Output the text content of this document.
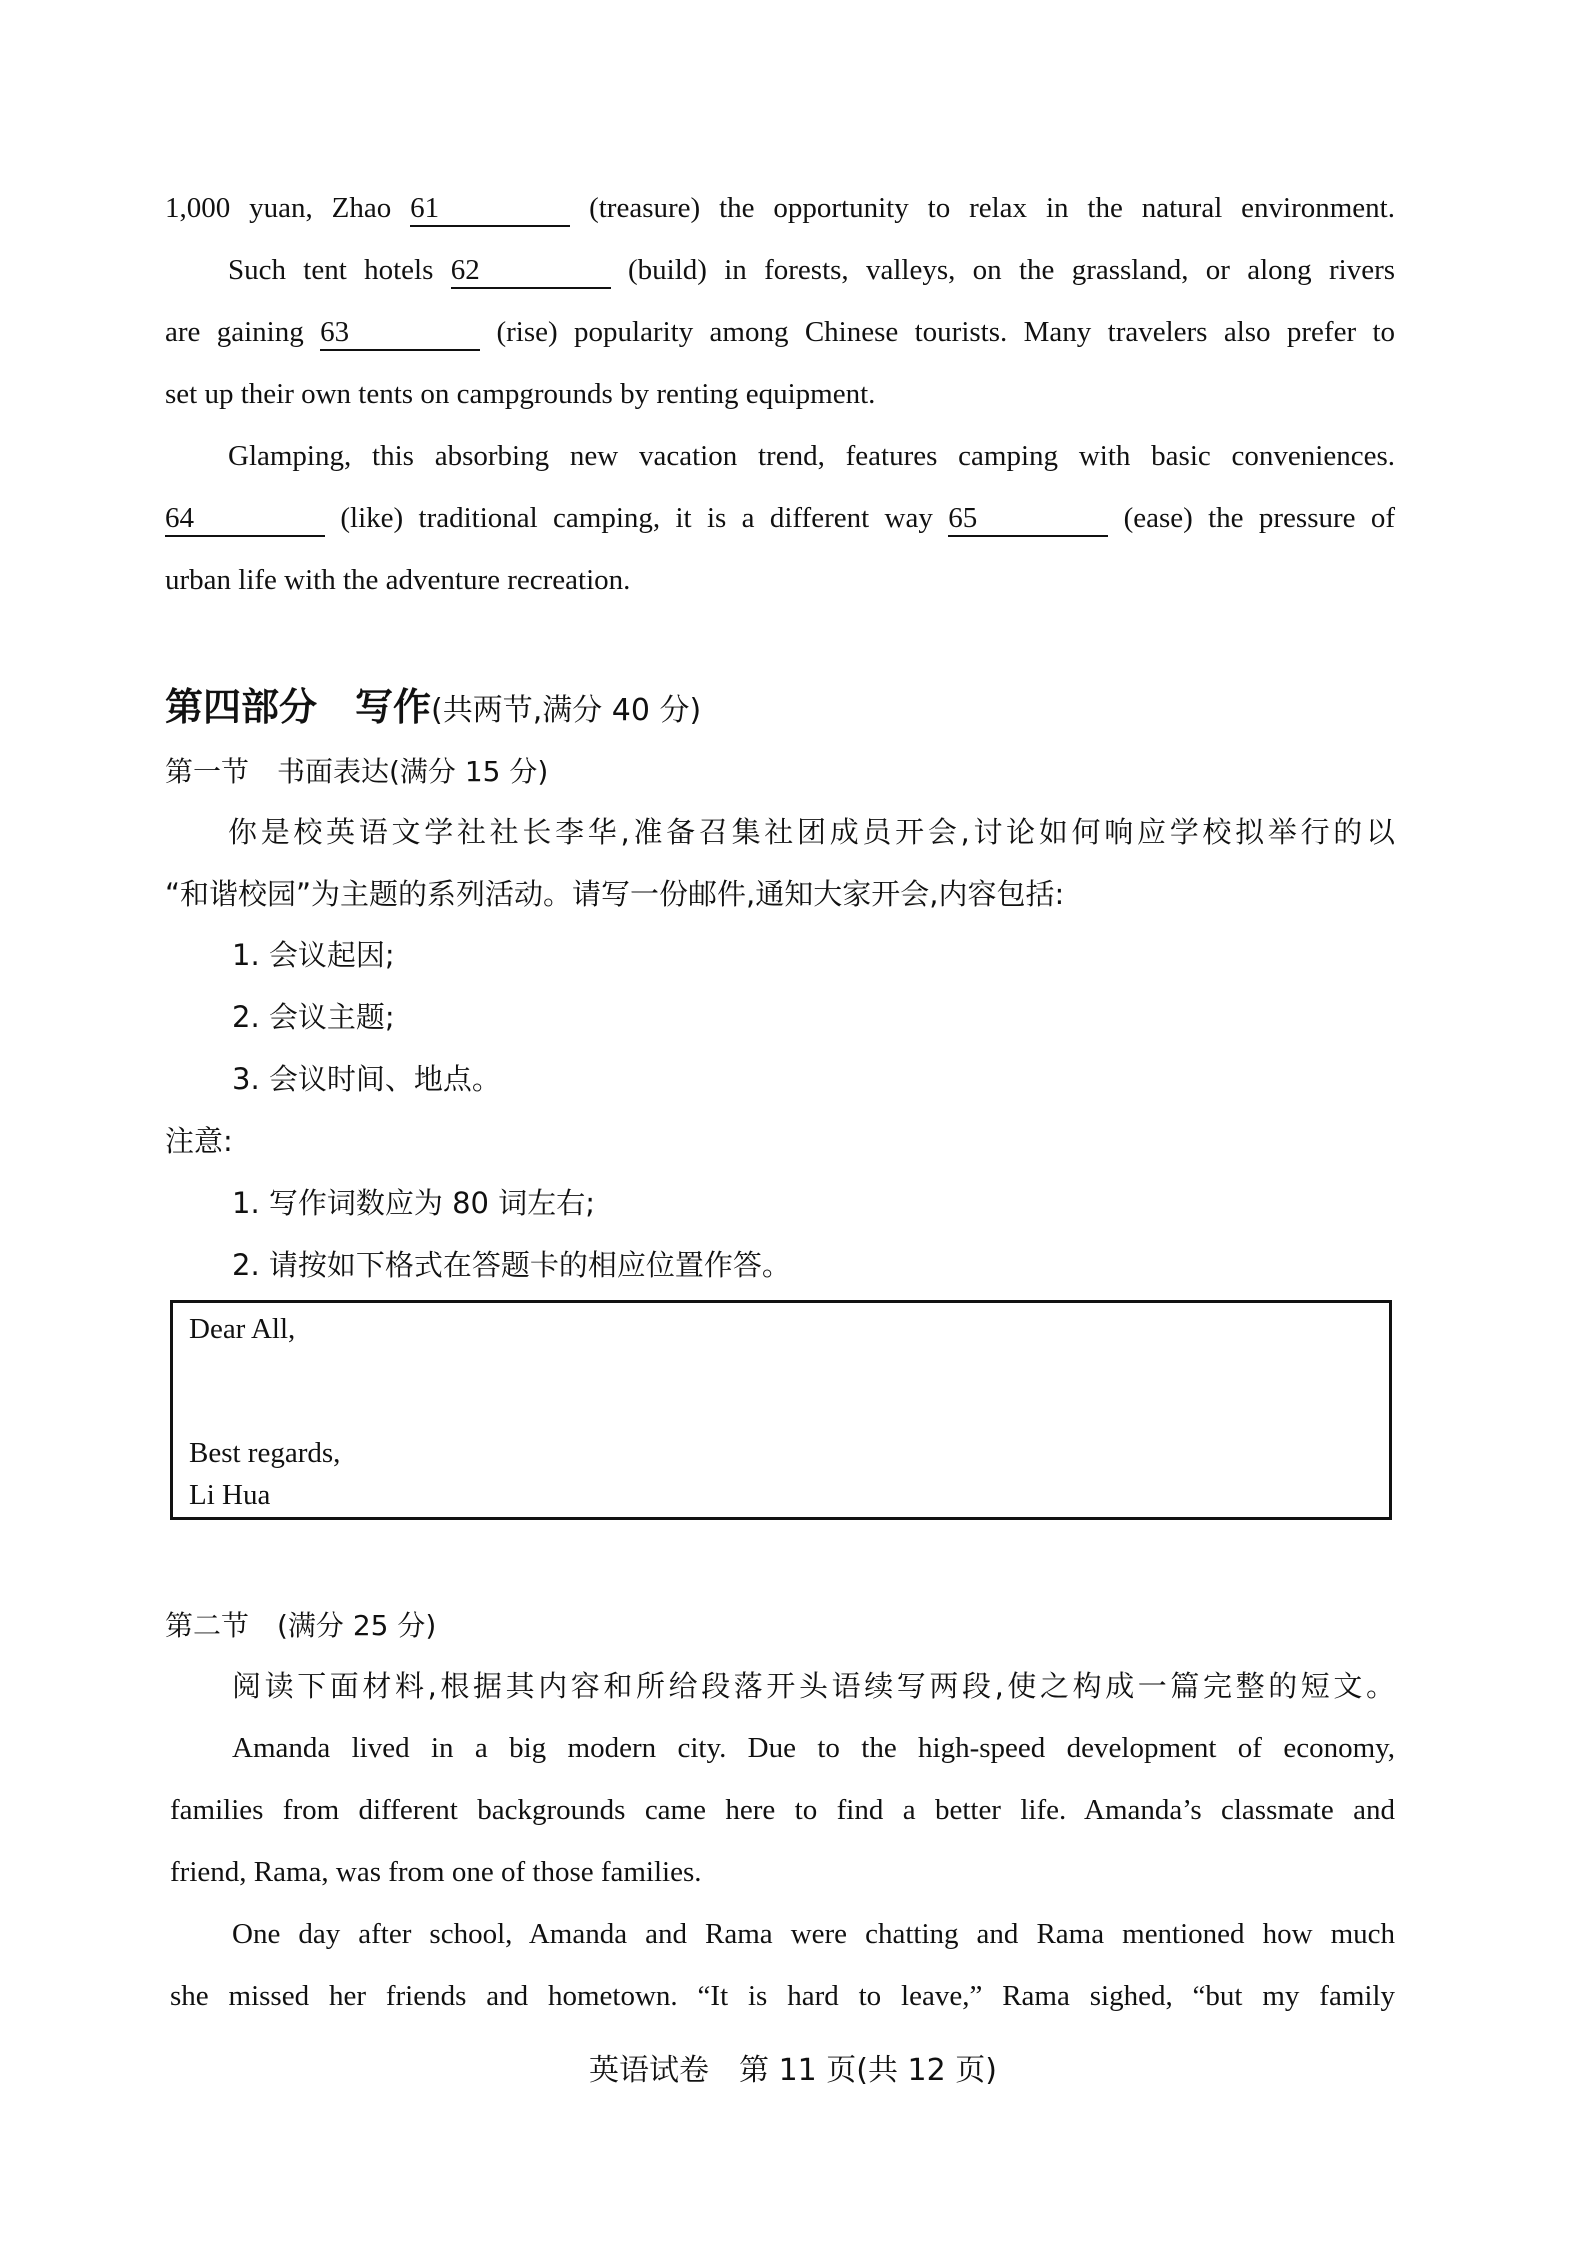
1,000 yuan, Zhao 61	(treasure) the opportunity to relax in the natural environment.
Such tent hotels 62	(build) in forests, valleys, on the grassland, or along rivers
are gaining 63	(rise) popularity among Chinese tourists. Many travelers also prefer to
set up their own tents on campgrounds by renting equipment.
Glamping, this absorbing new vacation trend, features camping with basic conveniences.
64	(like) traditional camping, it is a different way 65	(ease) the pressure of
urban life with the adventure recreation.
第四部分　写作(共两节,满分 40 分)
第一节　书面表达(满分 15 分)
你是校英语文学社社长李华,准备召集社团成员开会,讨论如何响应学校拟举行的以
“和谐校园”为主题的系列活动。请写一份邮件,通知大家开会,内容包括:
1. 会议起因;
2. 会议主题;
3. 会议时间、地点。
注意:
1. 写作词数应为 80 词左右;
2. 请按如下格式在答题卡的相应位置作答。
Dear All,
Best regards,
Li Hua
第二节　(满分 25 分)
阅读下面材料,根据其内容和所给段落开头语续写两段,使之构成一篇完整的短文。
Amanda lived in a big modern city. Due to the high-speed development of economy,
families from different backgrounds came here to find a better life. Amanda’s classmate and
friend, Rama, was from one of those families.
One day after school, Amanda and Rama were chatting and Rama mentioned how much
she missed her friends and hometown. “It is hard to leave,” Rama sighed, “but my family
英语试卷　第 11 页(共 12 页)
